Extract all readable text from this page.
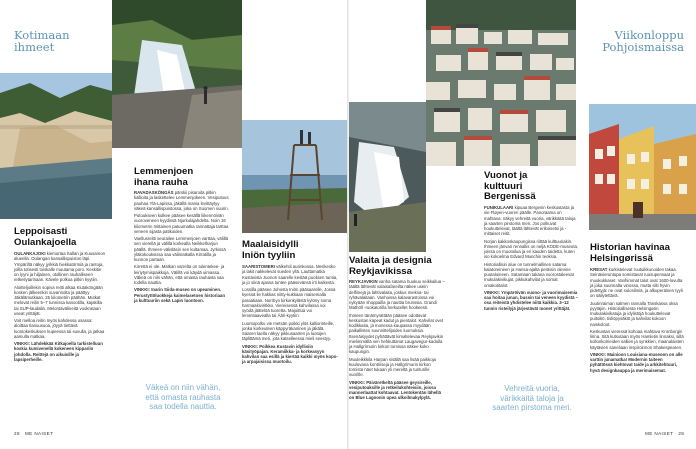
Kotimaan
ihmeet
Leppoisasti
Oulankajoella

OULANKAJOKI kiemurtaa Sallan ja Kuusamon alueella. Oulangan kansallispuiston läpi. Ympäriltä näkyy jyrkkiä hiekkatörmiä ja rantoja, joilla totisesti toiskalle muutama poro. Keskitie on lyyni ja hiljainen, otollinen rauhalliseen retkeilytarinaan. Kävele polkua pitkin kyytiin.

Aloitteljoillekin sopiva reitti alkaa Kiutaköngään kosken jälkeenkin suvannolta ja päättyy Jäkälämutkaan, 25 kilometrin päähän. Mutkat melovat reilin 5–7 tunnissa kanootilla, kajakilla tai SUP-laudalla. Melontavälineitä vuokrataan useat yrittäjät.

Voit melloa reitin myös kahdessa osassa: aloittaa Ilanuusuoa, jöyyä tiettävä luontokeskuksen kupeessa tai suvulla, ja jatkaa aamulla matkaa.

VINKKI: Lähdekkää Kitkajoella tarkistelluun koskia kumivenellä kokeneen kippariin johdolla. Reittejä on aikuisille ja lapsiperheille.

Lemmenjoen
ihana rauha

RAVADASKÖNGÄS pärskii pisaroita pitkin kallioita ja laskettelee Lemmenjokeen. Vesiputous pauhaa Ylä-Lapissa, jäkällä mania levittäytyy väkeä kansallispuistossa, joka on Suomen suurin.

Putoukseen kulkee pääsee kesällä liikennöivän vuorovenеen kyydissä Njurkulajahdelta. Noin 16 kilometrin mittainen patuumatka rannattaja tarttaa veneen sijasta patikoiden.

Vaellusreitti seurailee Lemmenjoen varttaa, välillä sen vierellä ja välillä korkealla Neikkelharjun päällä. Ihmeen-välisläsin sen kultamaa. Jyrkissä yläkokouksissa saa välimatkalla Kirratilla ja kunnon partaan.

Kirrettä ei ole. Matkan varrelta on tulentekee- ja leiriytymispaikkoja. Välillä voi käydä uimassa. Väkeä on niin vähän, että omasta rauhasta saa todella nauttia.

VINKKI: Inarin Siida-museo on upeaminen. Perustyttöluokkeja kaimelasetoen historiaan ja kulttuuriin sekä Lapin luontoon.

Väkeä on niin vähän, että omasta rauhasta saa todella nauttia.
Maalaisidylli
Iniön tyyliin

SAARISTOMERI välkehtii aurinkossa. Merikesko ja lakit nakkelevat sueden yllä. Lauttamatka Kustavista Juonon saarelle kestää puolisen tuntia, ja jo siinä ajassa tuntee pääsevänsä irti kaikesta.

Lossilla pääsee Juhosta Iniön pääsaarelle, Jossa kyessä lie hakkas niitty-kukkaan maisemalla paraatiaan. Norrbyn kirkonkylästä kylöny soma harmaakiviritkko. Viereisessä kahvilassa voi syödä jäätelöä tuoretta. Majoittua voi lemmitaavealla tai Ääri-kyytiin.

Luontopolku vie metsän poikki ylös kalliorinteille, jonka korkeuteen käppyräkaninen ja jäkälä. Saaren laella näkyy pikkusaarten ja luotojen täplittämä meri, jota katselleessa mieli seestyy.

VINKKI: Poikkea Kustavin idyllisiin käsityöpajan. Keramiikka- ja korkeasyyn kahvilan saa esillä ja kiertää kaikki myös kopo- ja arpajaisissa muotoilu.

28 ME NAISET
Viikonloppu
Pohjoismaissa
Valaita ja designia
Reykjavikissa

REYKJAVIKIN vanha satama huokuu seikkailua – täältä lähtevät valaisafareilta näkee usein delfiinejä ja lahtivalaita, joskus mieksa- tai ryhävalaitaan. Vanhoissa kalavarastoissa voi nykyään shoppailla ja nauttia brunssia. Grandi Mathöll -ruokatorilla herkutellet hookeesti.

Ihmeen tänämyrattään pääsee odottavat keskustan kapeat kadut ja pientalot. Kahvilat ovet kodikkaita, ja monessa kaupassa myydään paikallisten suunnittelijoiden luomuksia. Itsenäisyydet pyhättävät kimaltelevaa Reykjavikin mielimmällä sen hehkuttanut Laugavegur-kadulla ja Hallgrímurin kirkon tornissa näkee koko kaupungin.

Muuleikkkila Harpan sisällä saa lisää paikkoja kuuluvana kontriiseja ja Hallgrímurin kirkon tornista näet tukaan yli mereltä ja tunturille vuorille.

VINKKI: Päiväretkeltä pääsee geysireille, vesiputouksille ja retkeilukohteisiin, joissa mannerlaattat kohtaavat. Lentokentän lähellä on Blue Lagoonin upea ulkoilmakylpylä.

Vuonot ja
kulttuuri
Bergenissä

FUNIKULAARI kipuaa Bergenin keskustasta ja vie Fløyen-vuoren päälle. Panoraama on mahtava: näkyy vehreitä vuoria, värikkäitä taloja ja saarten pirstoma meri. Jos polkuvat houkuttelevat, täältä lähtevät erikoisetsi ja -mittaiset reitit.

Norjan kakkoskaupungissa riittää kulttuuriakin. Ihmeen jänvari rennallis on neljä KODE-museota, joissa on muotoilua ja eri kauden taidetta, kuten iso kokoelma Edvard Munchin teoksia.

Historiallisin alue on tunnelmallinen satama kalatoreineen ja Hansa-ajalta peräisin olevine puutaloineen. Satamaan takana vuorostaleevat mukulakivikujat, pikkukahvilat ja somat omakotitalot.

VINKKI: Ympäröivän vuono- ja vuorimaisemia saa hoitaa junan, bussin tai veneen kyydistä – osa reiteistä yhdistelee niitä kaikkia. 3–12 tunnin risteilyjä järjestävät monet yrittäjät.

Vehreitä vuoria, värikkäitä taloja ja saarten pirstoma meri.
Historian havinaa
Helsingørissä

KRESAT kurkistelevat ruutuikkunoiden takaa. Seinävieruntupa somistavat ruusupensaat ja muukukkaset. Vanhimmat talot ovat 1600-luvulta ja joka suunnalta vinossa, mutta silti hyvin pidettyjä: ne ovat sulosilmiä, ja alkuperäinen tyyli on säilytettävä.

Juutinraiman salmen rannalla Tanskassa oksa pyytäjiin. Historiallisesta Helsingørin mukulakivikatuja ja idylistöjä houkuttelevat puitsikö, tisliöpysäköt ja kahvilat kokoon naiskoloot.

Keskustan vieressä kohoaa mahtava Kronborgin linna. Sitä kutsutaan myös Hamletin linnaksi, sillä kollonkomeiden sallien ja synkkien, maanalaisten käytävien saneliaan inspiroinnon Shakespearen.

VINKKI: Mainioon Louisiana-museoon on alle varttin junamatka! Modernin taiteen pyhättössä kiehtovat taide ja arkkitehtuuri, hyvä designkauppa ja merimaisemat.

ME NAISET 29
